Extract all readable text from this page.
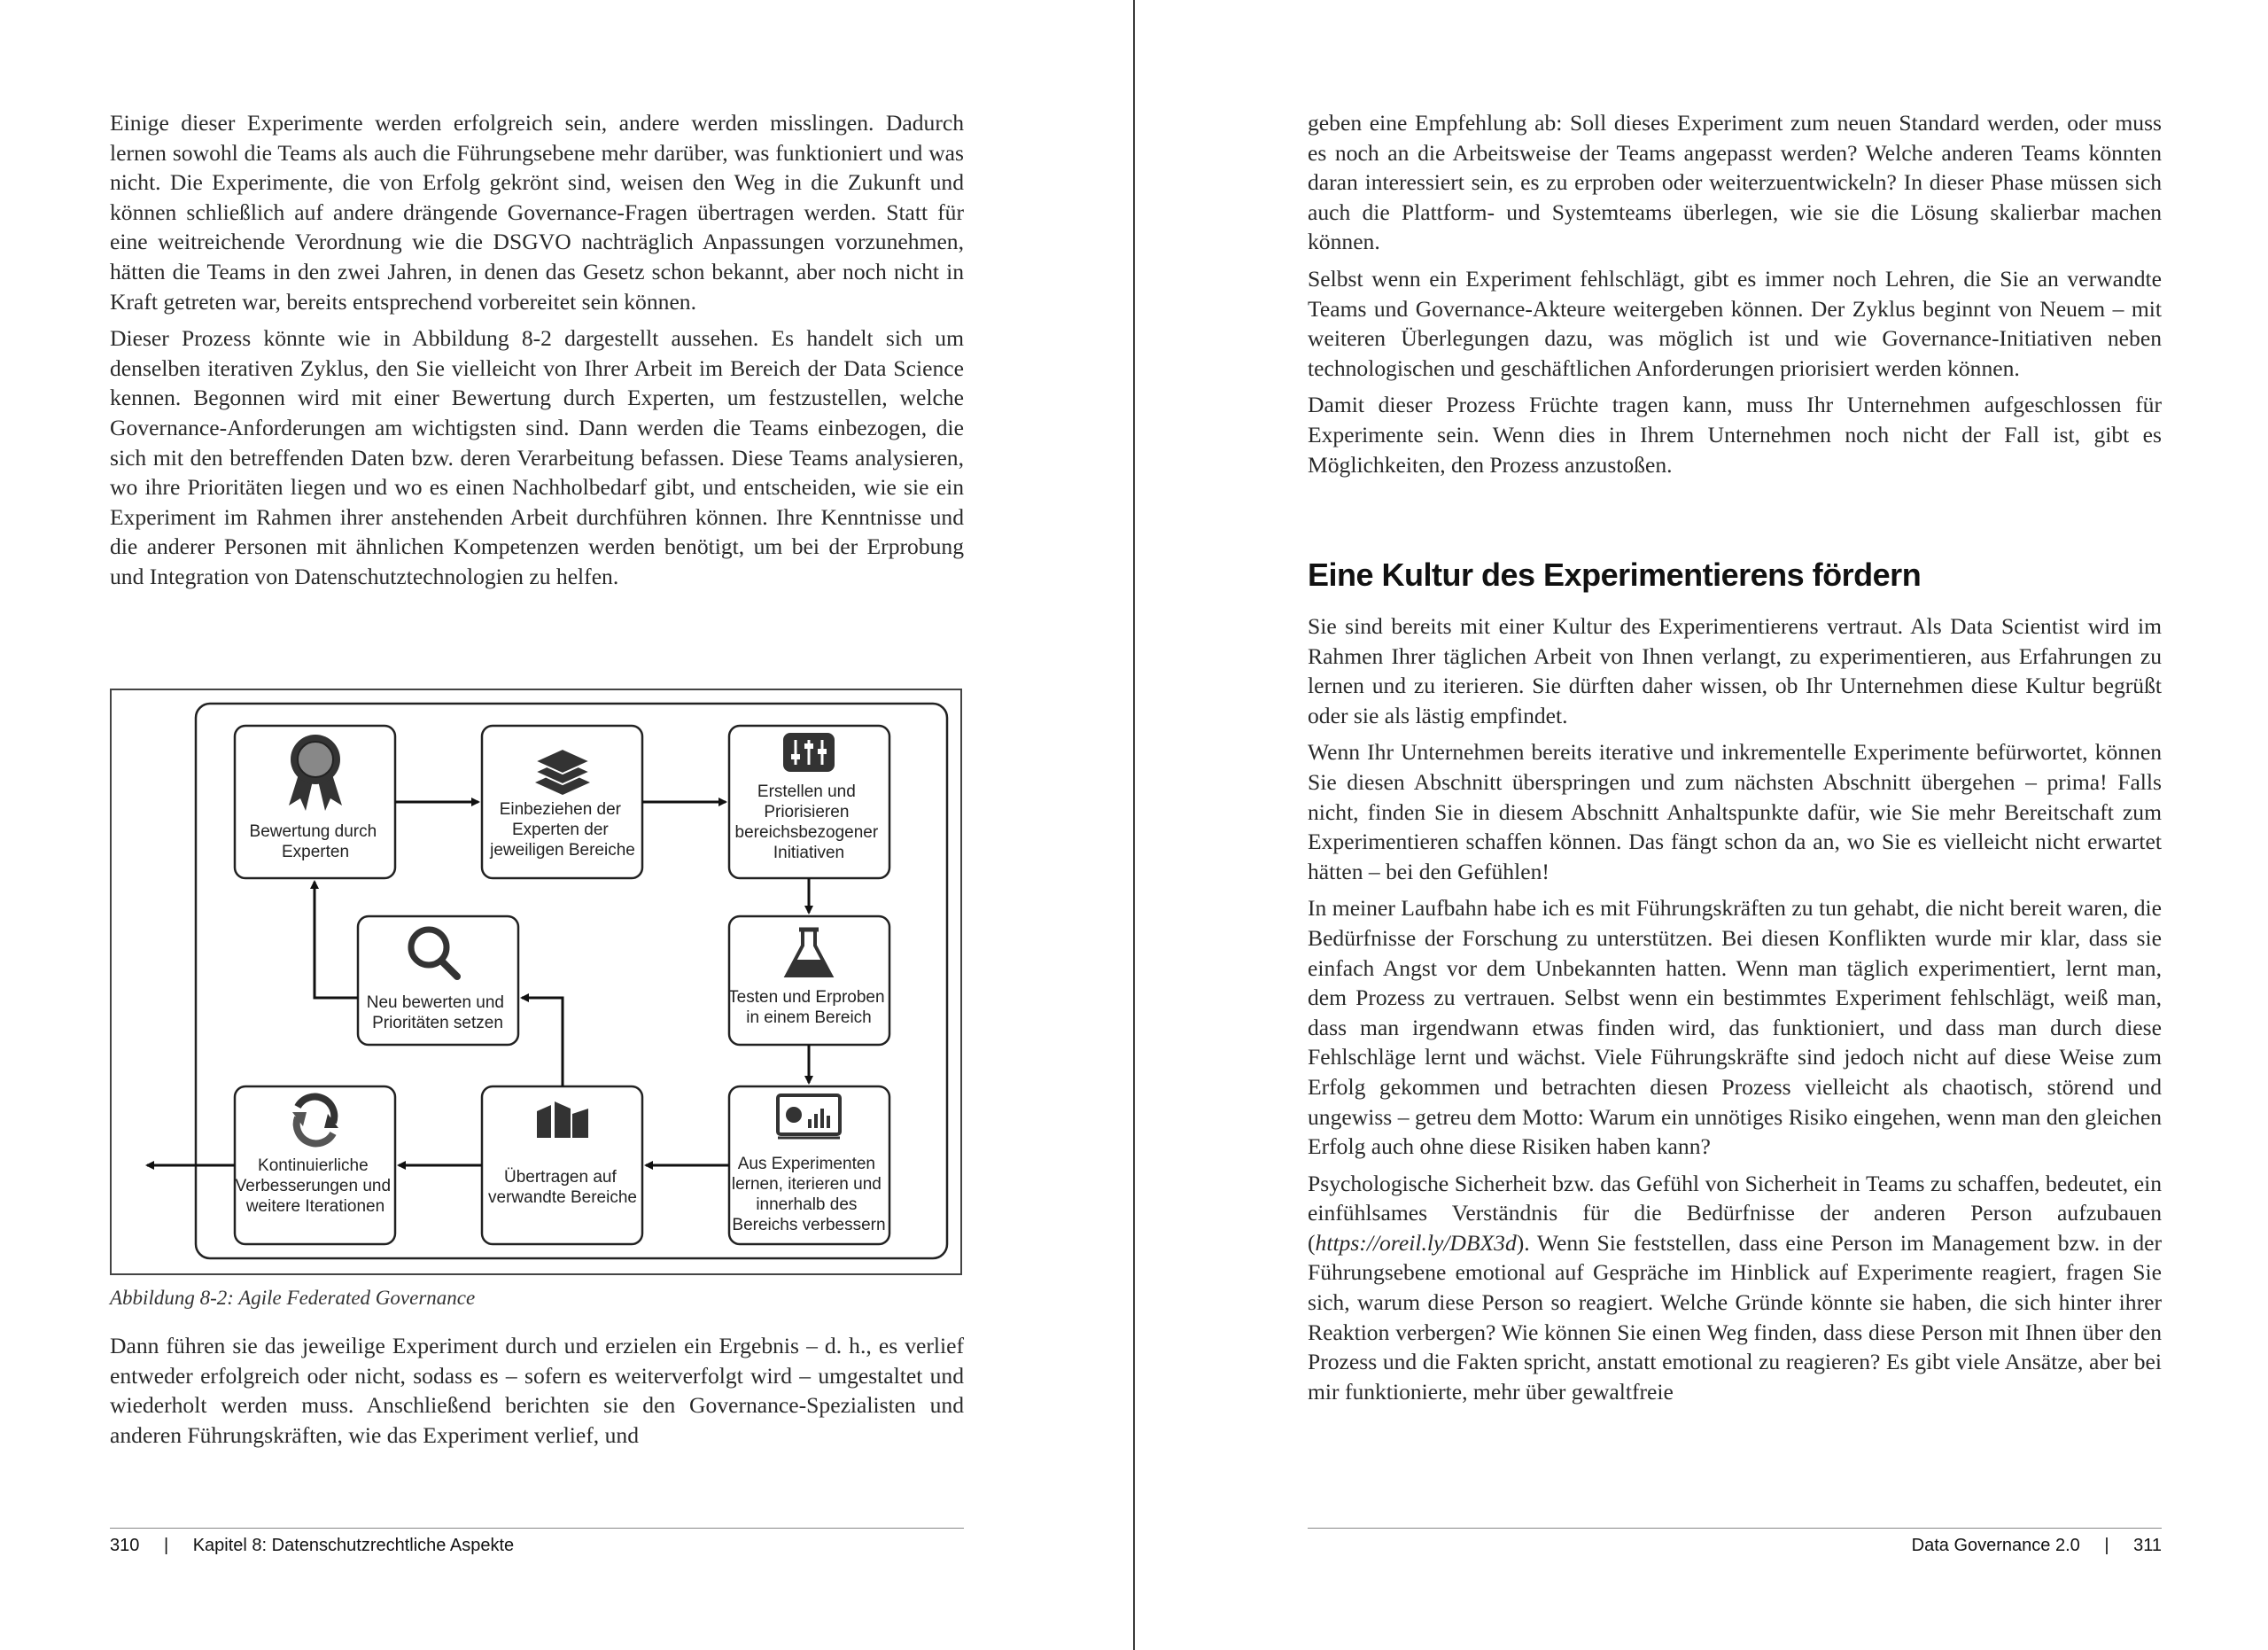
Einige dieser Experimente werden erfolgreich sein, andere werden misslingen. Dadurch lernen sowohl die Teams als auch die Führungsebene mehr darüber, was funktioniert und was nicht. Die Experimente, die von Erfolg gekrönt sind, weisen den Weg in die Zukunft und können schließlich auf andere drängende Governance-Fragen übertragen werden. Statt für eine weitreichende Verordnung wie die DSGVO nachträglich Anpassungen vorzunehmen, hätten die Teams in den zwei Jahren, in denen das Gesetz schon bekannt, aber noch nicht in Kraft getreten war, bereits entsprechend vorbereitet sein können.

Dieser Prozess könnte wie in Abbildung 8-2 dargestellt aussehen. Es handelt sich um denselben iterativen Zyklus, den Sie vielleicht von Ihrer Arbeit im Bereich der Data Science kennen. Begonnen wird mit einer Bewertung durch Experten, um festzustellen, welche Governance-Anforderungen am wichtigsten sind. Dann werden die Teams einbezogen, die sich mit den betreffenden Daten bzw. deren Verarbeitung befassen. Diese Teams analysieren, wo ihre Prioritäten liegen und wo es einen Nachholbedarf gibt, und entscheiden, wie sie ein Experiment im Rahmen ihrer anstehenden Arbeit durchführen können. Ihre Kenntnisse und die anderer Personen mit ähnlichen Kompetenzen werden benötigt, um bei der Erprobung und Integration von Datenschutztechnologien zu helfen.

Bewertung durch Experten
Einbeziehen der Experten der jeweiligen Bereiche
Erstellen und Priorisieren bereichsbezogener Initiativen
Neu bewerten und Prioritäten setzen
Testen und Erproben in einem Bereich
Kontinuierliche Verbesserungen und weitere Iterationen
Übertragen auf verwandte Bereiche
Aus Experimenten lernen, iterieren und innerhalb des Bereichs verbessern
Abbildung 8-2: Agile Federated Governance

Dann führen sie das jeweilige Experiment durch und erzielen ein Ergebnis – d. h., es verlief entweder erfolgreich oder nicht, sodass es – sofern es weiterverfolgt wird – umgestaltet und wiederholt werden muss. Anschließend berichten sie den Governance-Spezialisten und anderen Führungskräften, wie das Experiment verlief, und

310 | Kapitel 8: Datenschutzrechtliche Aspekte

geben eine Empfehlung ab: Soll dieses Experiment zum neuen Standard werden, oder muss es noch an die Arbeitsweise der Teams angepasst werden? Welche anderen Teams könnten daran interessiert sein, es zu erproben oder weiterzuentwickeln? In dieser Phase müssen sich auch die Plattform- und Systemteams überlegen, wie sie die Lösung skalierbar machen können.

Selbst wenn ein Experiment fehlschlägt, gibt es immer noch Lehren, die Sie an verwandte Teams und Governance-Akteure weitergeben können. Der Zyklus beginnt von Neuem – mit weiteren Überlegungen dazu, was möglich ist und wie Governance-Initiativen neben technologischen und geschäftlichen Anforderungen priorisiert werden können.

Damit dieser Prozess Früchte tragen kann, muss Ihr Unternehmen aufgeschlossen für Experimente sein. Wenn dies in Ihrem Unternehmen noch nicht der Fall ist, gibt es Möglichkeiten, den Prozess anzustoßen.

Eine Kultur des Experimentierens fördern

Sie sind bereits mit einer Kultur des Experimentierens vertraut. Als Data Scientist wird im Rahmen Ihrer täglichen Arbeit von Ihnen verlangt, zu experimentieren, aus Erfahrungen zu lernen und zu iterieren. Sie dürften daher wissen, ob Ihr Unternehmen diese Kultur begrüßt oder sie als lästig empfindet.

Wenn Ihr Unternehmen bereits iterative und inkrementelle Experimente befürwortet, können Sie diesen Abschnitt überspringen und zum nächsten Abschnitt übergehen – prima! Falls nicht, finden Sie in diesem Abschnitt Anhaltspunkte dafür, wie Sie mehr Bereitschaft zum Experimentieren schaffen können. Das fängt schon da an, wo Sie es vielleicht nicht erwartet hätten – bei den Gefühlen!

In meiner Laufbahn habe ich es mit Führungskräften zu tun gehabt, die nicht bereit waren, die Bedürfnisse der Forschung zu unterstützen. Bei diesen Konflikten wurde mir klar, dass sie einfach Angst vor dem Unbekannten hatten. Wenn man täglich experimentiert, lernt man, dem Prozess zu vertrauen. Selbst wenn ein bestimmtes Experiment fehlschlägt, weiß man, dass man irgendwann etwas finden wird, das funktioniert, und dass man durch diese Fehlschläge lernt und wächst. Viele Führungskräfte sind jedoch nicht auf diese Weise zum Erfolg gekommen und betrachten diesen Prozess vielleicht als chaotisch, störend und ungewiss – getreu dem Motto: Warum ein unnötiges Risiko eingehen, wenn man den gleichen Erfolg auch ohne diese Risiken haben kann?

Psychologische Sicherheit bzw. das Gefühl von Sicherheit in Teams zu schaffen, bedeutet, ein einfühlsames Verständnis für die Bedürfnisse der anderen Person aufzubauen (https://oreil.ly/DBX3d). Wenn Sie feststellen, dass eine Person im Management bzw. in der Führungsebene emotional auf Gespräche im Hinblick auf Experimente reagiert, fragen Sie sich, warum diese Person so reagiert. Welche Gründe könnte sie haben, die sich hinter ihrer Reaktion verbergen? Wie können Sie einen Weg finden, dass diese Person mit Ihnen über den Prozess und die Fakten spricht, anstatt emotional zu reagieren? Es gibt viele Ansätze, aber bei mir funktionierte, mehr über gewaltfreie

Data Governance 2.0 | 311
